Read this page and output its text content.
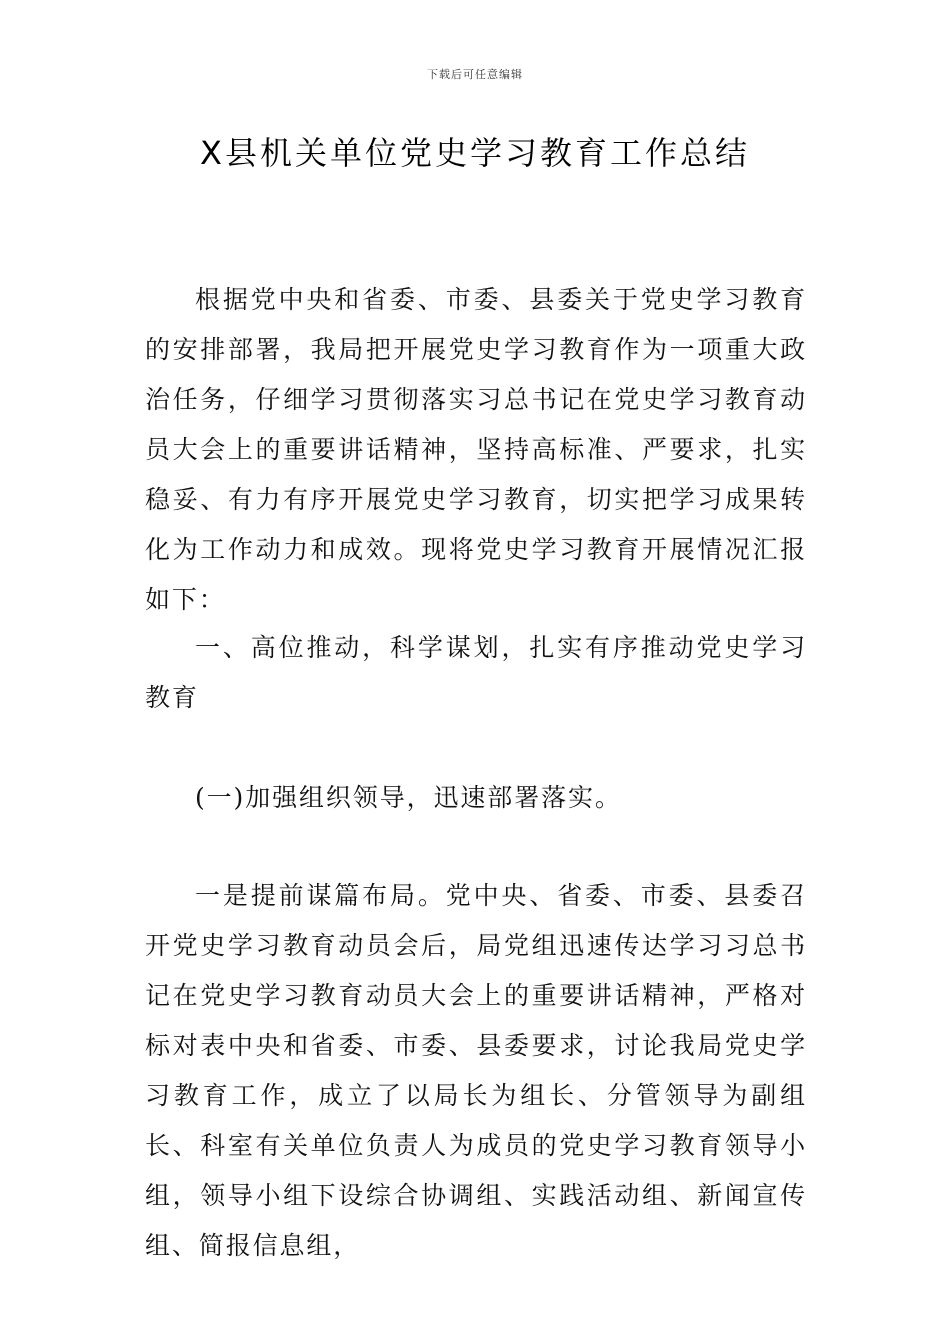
下载后可任意编辑
X县机关单位党史学习教育工作总结

根据党中央和省委、市委、县委关于党史学习教育的安排部署，我局把开展党史学习教育作为一项重大政治任务，仔细学习贯彻落实习总书记在党史学习教育动员大会上的重要讲话精神，坚持高标准、严要求，扎实稳妥、有力有序开展党史学习教育，切实把学习成果转化为工作动力和成效。现将党史学习教育开展情况汇报如下：

一、高位推动，科学谋划，扎实有序推动党史学习教育

(一)加强组织领导，迅速部署落实。

一是提前谋篇布局。党中央、省委、市委、县委召开党史学习教育动员会后，局党组迅速传达学习习总书记在党史学习教育动员大会上的重要讲话精神，严格对标对表中央和省委、市委、县委要求，讨论我局党史学习教育工作，成立了以局长为组长、分管领导为副组长、科室有关单位负责人为成员的党史学习教育领导小组，领导小组下设综合协调组、实践活动组、新闻宣传组、简报信息组，
